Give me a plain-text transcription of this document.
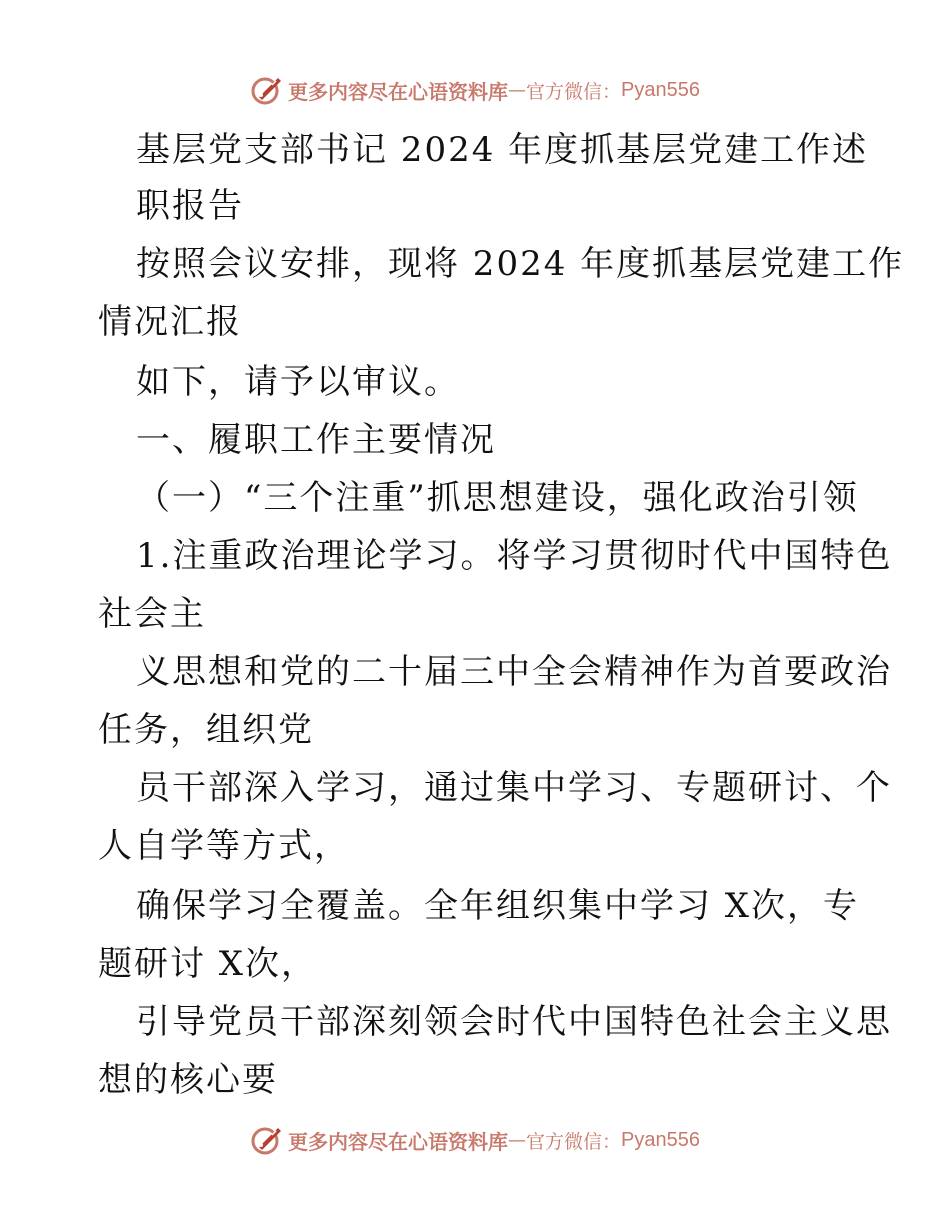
更多内容尽在心语资料库 — 官方微信： Pyan556
基层党支部书记 2024 年度抓基层党建工作述
职报告
按照会议安排，现将 2024 年度抓基层党建工作
情况汇报
如下，请予以审议。
一、履职工作主要情况
（一）“三个注重”抓思想建设，强化政治引领
1.注重政治理论学习。将学习贯彻时代中国特色
社会主
义思想和党的二十届三中全会精神作为首要政治
任务，组织党
员干部深入学习，通过集中学习、专题研讨、个
人自学等方式，
确保学习全覆盖。全年组织集中学习 X次，专
题研讨 X次，
引导党员干部深刻领会时代中国特色社会主义思
想的核心要
更多内容尽在心语资料库 — 官方微信： Pyan556
